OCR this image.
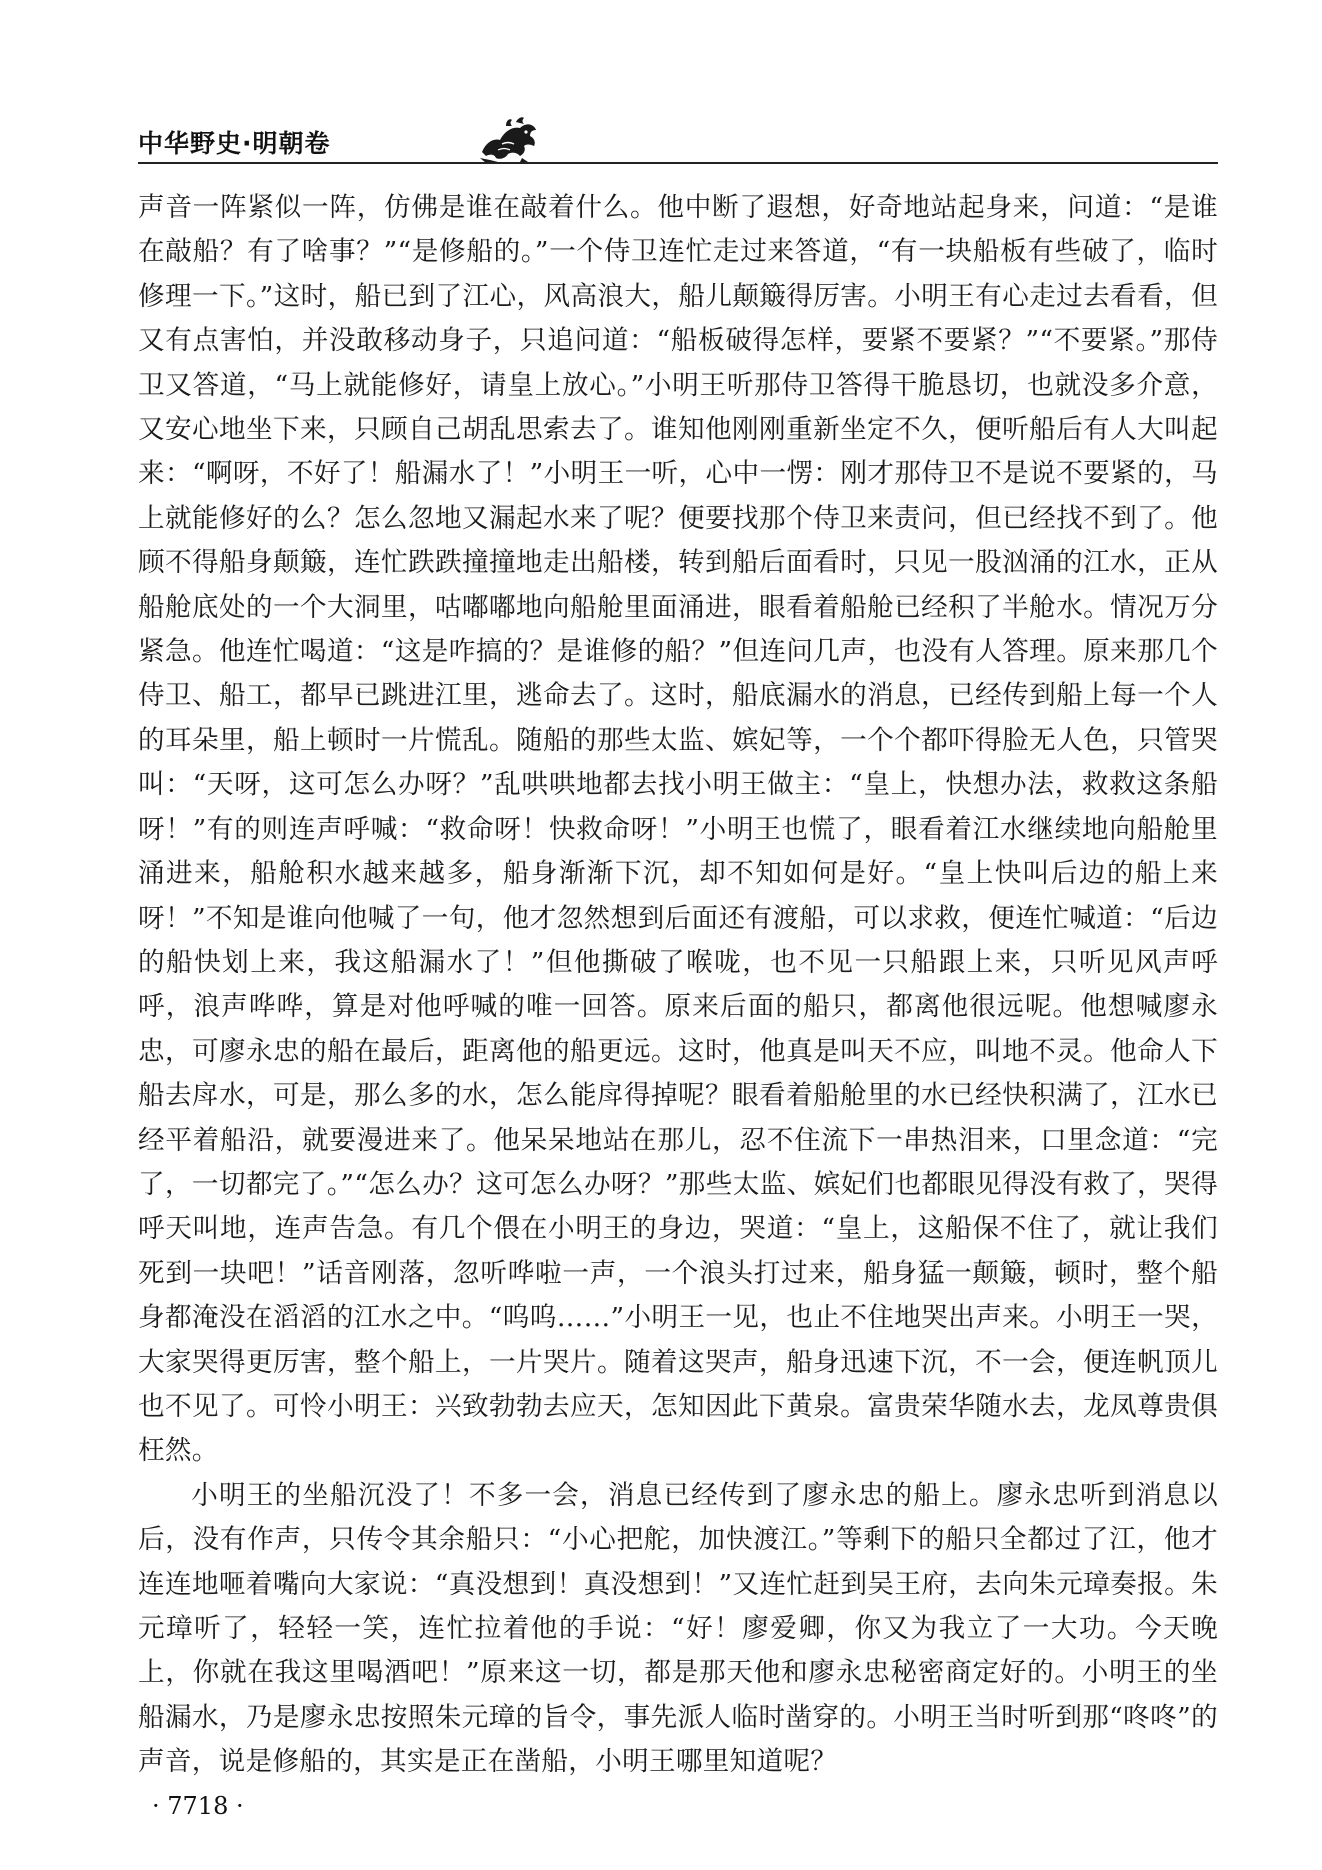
中华野史·明朝卷

声音一阵紧似一阵，仿佛是谁在敲着什么。他中断了遐想，好奇地站起身来，问道：“是谁在敲船？有了啥事？”“是修船的。”一个侍卫连忙走过来答道，“有一块船板有些破了，临时修理一下。”这时，船已到了江心，风高浪大，船儿颠簸得厉害。小明王有心走过去看看，但又有点害怕，并没敢移动身子，只追问道：“船板破得怎样，要紧不要紧？”“不要紧。”那侍卫又答道，“马上就能修好，请皇上放心。”小明王听那侍卫答得干脆恳切，也就没多介意，又安心地坐下来，只顾自己胡乱思索去了。谁知他刚刚重新坐定不久，便听船后有人大叫起来：“啊呀，不好了！船漏水了！”小明王一听，心中一愣：刚才那侍卫不是说不要紧的，马上就能修好的么？怎么忽地又漏起水来了呢？便要找那个侍卫来责问，但已经找不到了。他顾不得船身颠簸，连忙跌跌撞撞地走出船楼，转到船后面看时，只见一股汹涌的江水，正从船舱底处的一个大洞里，咕嘟嘟地向船舱里面涌进，眼看着船舱已经积了半舱水。情况万分紧急。他连忙喝道：“这是咋搞的？是谁修的船？”但连问几声，也没有人答理。原来那几个侍卫、船工，都早已跳进江里，逃命去了。这时，船底漏水的消息，已经传到船上每一个人的耳朵里，船上顿时一片慌乱。随船的那些太监、嫔妃等，一个个都吓得脸无人色，只管哭叫：“天呀，这可怎么办呀？”乱哄哄地都去找小明王做主：“皇上，快想办法，救救这条船呀！”有的则连声呼喊：“救命呀！快救命呀！”小明王也慌了，眼看着江水继续地向船舱里涌进来，船舱积水越来越多，船身渐渐下沉，却不知如何是好。“皇上快叫后边的船上来呀！”不知是谁向他喊了一句，他才忽然想到后面还有渡船，可以求救，便连忙喊道：“后边的船快划上来，我这船漏水了！”但他撕破了喉咙，也不见一只船跟上来，只听见风声呼呼，浪声哗哗，算是对他呼喊的唯一回答。原来后面的船只，都离他很远呢。他想喊廖永忠，可廖永忠的船在最后，距离他的船更远。这时，他真是叫天不应，叫地不灵。他命人下船去戽水，可是，那么多的水，怎么能戽得掉呢？眼看着船舱里的水已经快积满了，江水已经平着船沿，就要漫进来了。他呆呆地站在那儿，忍不住流下一串热泪来，口里念道：“完了，一切都完了。”“怎么办？这可怎么办呀？”那些太监、嫔妃们也都眼见得没有救了，哭得呼天叫地，连声告急。有几个偎在小明王的身边，哭道：“皇上，这船保不住了，就让我们死到一块吧！”话音刚落，忽听哗啦一声，一个浪头打过来，船身猛一颠簸，顿时，整个船身都淹没在滔滔的江水之中。“呜呜……”小明王一见，也止不住地哭出声来。小明王一哭，大家哭得更厉害，整个船上，一片哭片。随着这哭声，船身迅速下沉，不一会，便连帆顶儿也不见了。可怜小明王：兴致勃勃去应天，怎知因此下黄泉。富贵荣华随水去，龙凤尊贵俱枉然。

小明王的坐船沉没了！不多一会，消息已经传到了廖永忠的船上。廖永忠听到消息以后，没有作声，只传令其余船只：“小心把舵，加快渡江。”等剩下的船只全都过了江，他才连连地咂着嘴向大家说：“真没想到！真没想到！”又连忙赶到吴王府，去向朱元璋奏报。朱元璋听了，轻轻一笑，连忙拉着他的手说：“好！廖爱卿，你又为我立了一大功。今天晚上，你就在我这里喝酒吧！”原来这一切，都是那天他和廖永忠秘密商定好的。小明王的坐船漏水，乃是廖永忠按照朱元璋的旨令，事先派人临时凿穿的。小明王当时听到那“咚咚”的声音，说是修船的，其实是正在凿船，小明王哪里知道呢？

· 7718 ·
